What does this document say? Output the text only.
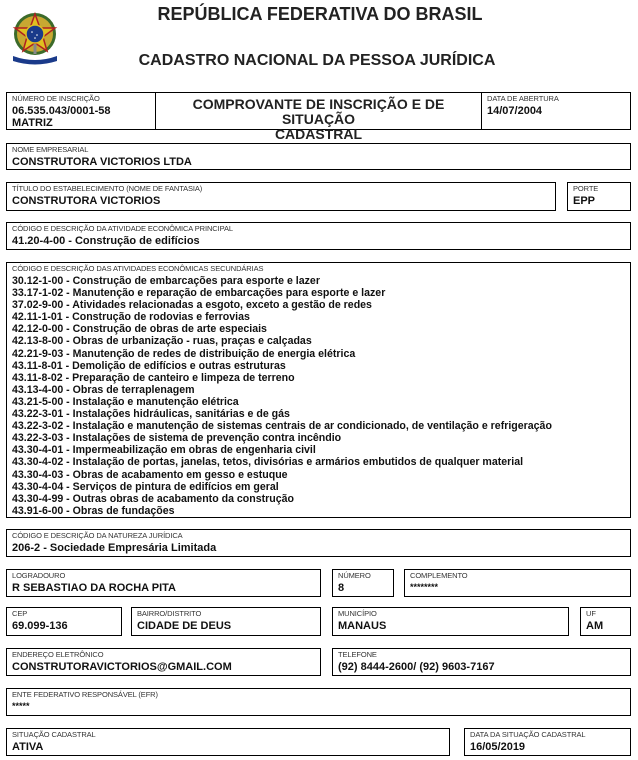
REPÚBLICA FEDERATIVA DO BRASIL
CADASTRO NACIONAL DA PESSOA JURÍDICA
NÚMERO DE INSCRIÇÃO
06.535.043/0001-58
MATRIZ
COMPROVANTE DE INSCRIÇÃO E DE SITUAÇÃO
CADASTRAL
DATA DE ABERTURA
14/07/2004
NOME EMPRESARIAL
CONSTRUTORA VICTORIOS LTDA
TÍTULO DO ESTABELECIMENTO (NOME DE FANTASIA)
CONSTRUTORA VICTORIOS
PORTE
EPP
CÓDIGO E DESCRIÇÃO DA ATIVIDADE ECONÔMICA PRINCIPAL
41.20-4-00 - Construção de edifícios
CÓDIGO E DESCRIÇÃO DAS ATIVIDADES ECONÔMICAS SECUNDÁRIAS
30.12-1-00 - Construção de embarcações para esporte e lazer
33.17-1-02 - Manutenção e reparação de embarcações para esporte e lazer
37.02-9-00 - Atividades relacionadas a esgoto, exceto a gestão de redes
42.11-1-01 - Construção de rodovias e ferrovias
42.12-0-00 - Construção de obras de arte especiais
42.13-8-00 - Obras de urbanização - ruas, praças e calçadas
42.21-9-03 - Manutenção de redes de distribuição de energia elétrica
43.11-8-01 - Demolição de edifícios e outras estruturas
43.11-8-02 - Preparação de canteiro e limpeza de terreno
43.13-4-00 - Obras de terraplenagem
43.21-5-00 - Instalação e manutenção elétrica
43.22-3-01 - Instalações hidráulicas, sanitárias e de gás
43.22-3-02 - Instalação e manutenção de sistemas centrais de ar condicionado, de ventilação e refrigeração
43.22-3-03 - Instalações de sistema de prevenção contra incêndio
43.30-4-01 - Impermeabilização em obras de engenharia civil
43.30-4-02 - Instalação de portas, janelas, tetos, divisórias e armários embutidos de qualquer material
43.30-4-03 - Obras de acabamento em gesso e estuque
43.30-4-04 - Serviços de pintura de edifícios em geral
43.30-4-99 - Outras obras de acabamento da construção
43.91-6-00 - Obras de fundações
CÓDIGO E DESCRIÇÃO DA NATUREZA JURÍDICA
206-2 - Sociedade Empresária Limitada
LOGRADOURO
R SEBASTIAO DA ROCHA PITA
NÚMERO
8
COMPLEMENTO
********
CEP
69.099-136
BAIRRO/DISTRITO
CIDADE DE DEUS
MUNICÍPIO
MANAUS
UF
AM
ENDEREÇO ELETRÔNICO
CONSTRUTORAVICTORIOS@GMAIL.COM
TELEFONE
(92) 8444-2600/ (92) 9603-7167
ENTE FEDERATIVO RESPONSÁVEL (EFR)
*****
SITUAÇÃO CADASTRAL
ATIVA
DATA DA SITUAÇÃO CADASTRAL
16/05/2019
